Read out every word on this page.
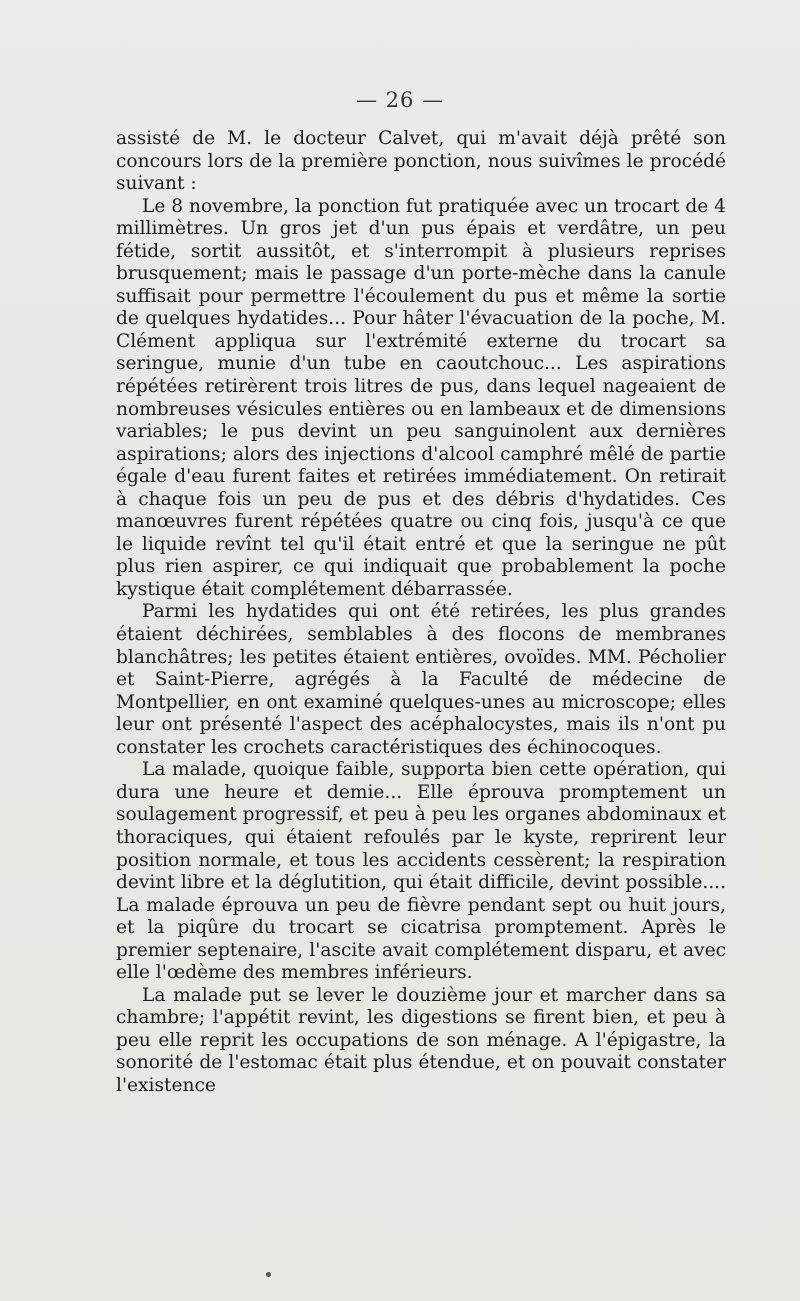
— 26 —

assisté de M. le docteur Calvet, qui m'avait déjà prêté son concours lors de la première ponction, nous suivîmes le procédé suivant :

Le 8 novembre, la ponction fut pratiquée avec un trocart de 4 millimètres. Un gros jet d'un pus épais et verdâtre, un peu fétide, sortit aussitôt, et s'interrompit à plusieurs reprises brusquement; mais le passage d'un porte-mèche dans la canule suffisait pour permettre l'écoulement du pus et même la sortie de quelques hydatides... Pour hâter l'évacuation de la poche, M. Clément appliqua sur l'extrémité externe du trocart sa seringue, munie d'un tube en caoutchouc... Les aspirations répétées retirèrent trois litres de pus, dans lequel nageaient de nombreuses vésicules entières ou en lambeaux et de dimensions variables; le pus devint un peu sanguinolent aux dernières aspirations; alors des injections d'alcool camphré mêlé de partie égale d'eau furent faites et retirées immédiatement. On retirait à chaque fois un peu de pus et des débris d'hydatides. Ces manœuvres furent répétées quatre ou cinq fois, jusqu'à ce que le liquide revînt tel qu'il était entré et que la seringue ne pût plus rien aspirer, ce qui indiquait que probablement la poche kystique était complétement débarrassée.

Parmi les hydatides qui ont été retirées, les plus grandes étaient déchirées, semblables à des flocons de membranes blanchâtres; les petites étaient entières, ovoïdes. MM. Pécholier et Saint-Pierre, agrégés à la Faculté de médecine de Montpellier, en ont examiné quelques-unes au microscope; elles leur ont présenté l'aspect des acéphalocystes, mais ils n'ont pu constater les crochets caractéristiques des échinocoques.

La malade, quoique faible, supporta bien cette opération, qui dura une heure et demie... Elle éprouva promptement un soulagement progressif, et peu à peu les organes abdominaux et thoraciques, qui étaient refoulés par le kyste, reprirent leur position normale, et tous les accidents cessèrent; la respiration devint libre et la déglutition, qui était difficile, devint possible.... La malade éprouva un peu de fièvre pendant sept ou huit jours, et la piqûre du trocart se cicatrisa promptement. Après le premier septenaire, l'ascite avait complétement disparu, et avec elle l'œdème des membres inférieurs.

La malade put se lever le douzième jour et marcher dans sa chambre; l'appétit revint, les digestions se firent bien, et peu à peu elle reprit les occupations de son ménage. A l'épigastre, la sonorité de l'estomac était plus étendue, et on pouvait constater l'existence
